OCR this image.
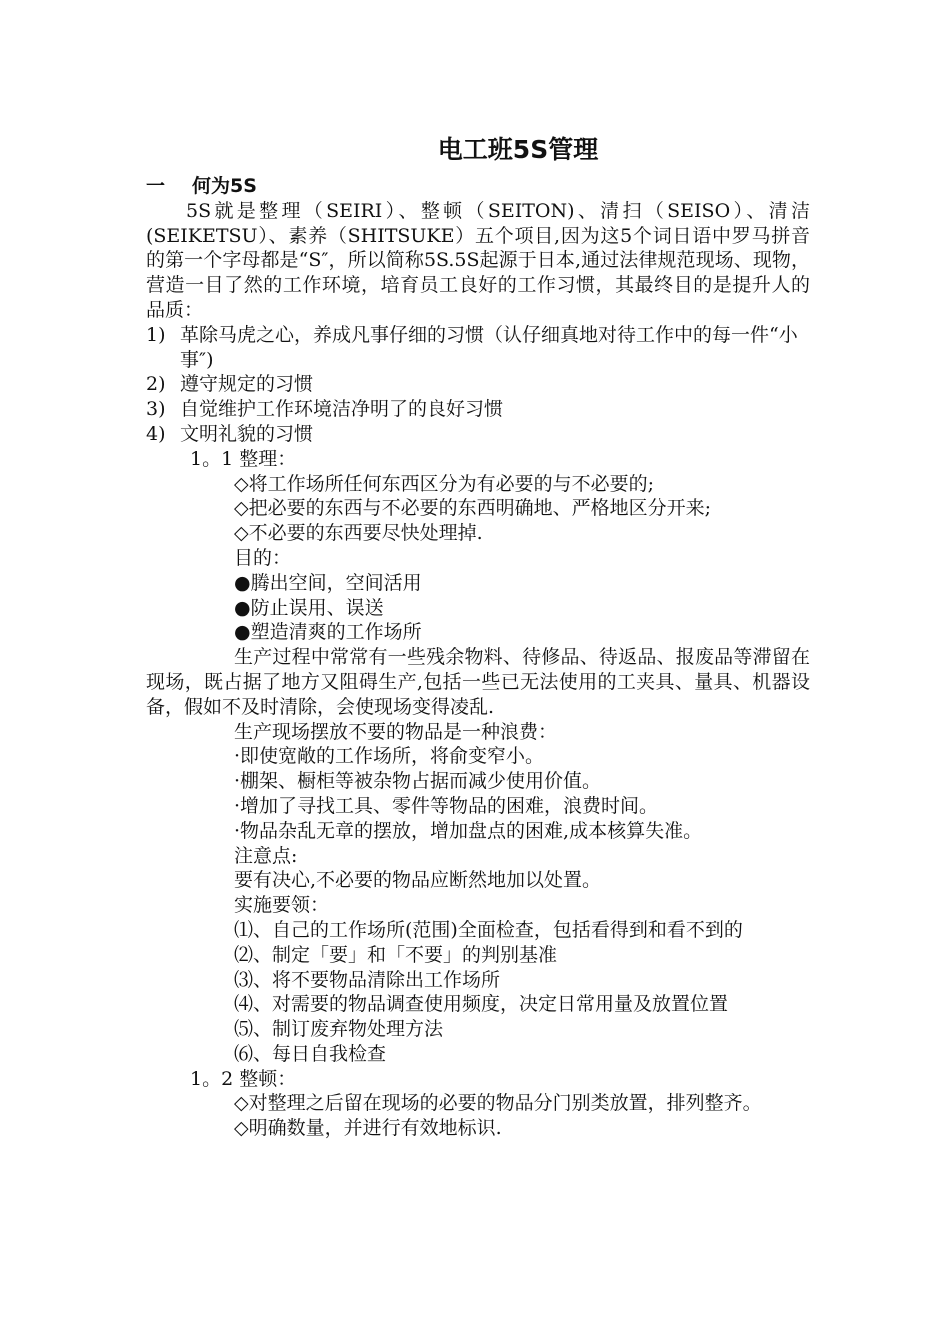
电工班5S管理

一 何为5S

5S就是整理（SEIRI）、整顿（SEITON)、清扫（SEISO）、清洁(SEIKETSU）、素养（SHITSUKE）五个项目,因为这5个词日语中罗马拼音的第一个字母都是“S″，所以简称5S.5S起源于日本,通过法律规范现场、现物，营造一目了然的工作环境，培育员工良好的工作习惯，其最终目的是提升人的品质：

1) 革除马虎之心，养成凡事仔细的习惯（认仔细真地对待工作中的每一件“小事″)

2) 遵守规定的习惯

3) 自觉维护工作环境洁净明了的良好习惯

4) 文明礼貌的习惯

1。1 整理：

◇将工作场所任何东西区分为有必要的与不必要的;

◇把必要的东西与不必要的东西明确地、严格地区分开来;

◇不必要的东西要尽快处理掉.

目的：

●腾出空间，空间活用

●防止误用、误送

●塑造清爽的工作场所

生产过程中常常有一些残余物料、待修品、待返品、报废品等滞留在现场，既占据了地方又阻碍生产,包括一些已无法使用的工夹具、量具、机器设备，假如不及时清除，会使现场变得凌乱.

生产现场摆放不要的物品是一种浪费：

·即使宽敞的工作场所，将俞变窄小。

·棚架、橱柜等被杂物占据而减少使用价值。

·增加了寻找工具、零件等物品的困难，浪费时间。

·物品杂乱无章的摆放，增加盘点的困难,成本核算失准。

注意点:

要有决心,不必要的物品应断然地加以处置。

实施要领：

⑴、自己的工作场所(范围)全面检查，包括看得到和看不到的

⑵、制定「要」和「不要」的判别基准

⑶、将不要物品清除出工作场所

⑷、对需要的物品调查使用频度，决定日常用量及放置位置

⑸、制订废弃物处理方法

⑹、每日自我检查

1。2 整顿：

◇对整理之后留在现场的必要的物品分门别类放置，排列整齐。

◇明确数量，并进行有效地标识.
